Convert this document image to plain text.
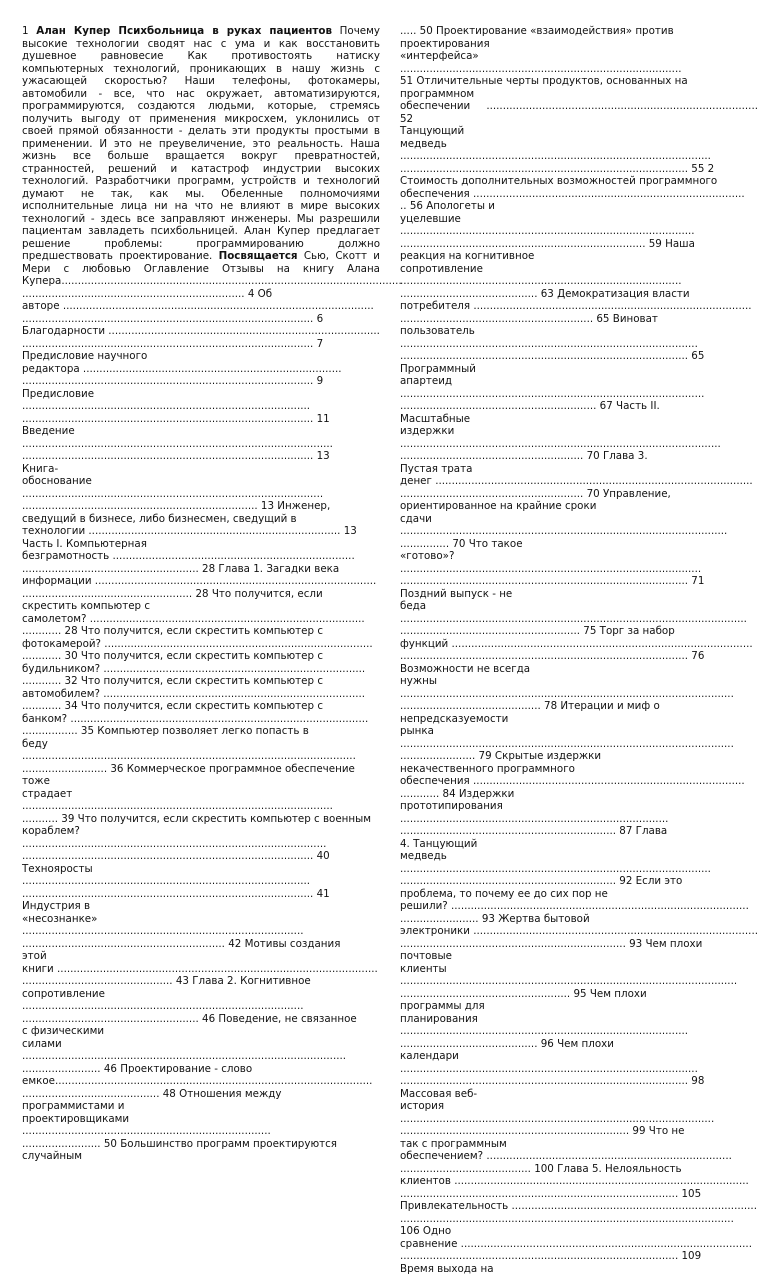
1 Алан Купер Психбольница в руках пациентов Почему высокие технологии сводят нас с ума и как восстановить душевное равновесие Как противостоять натиску компьютерных технологий, проникающих в нашу жизнь с ужасающей скоростью? Наши телефоны, фотокамеры, автомобили - все, что нас окружает, автоматизируются, программируются, создаются людьми, которые, стремясь получить выгоду от применения микросхем, уклонились от своей прямой обязанности - делать эти продукты простыми в применении. И это не преувеличение, это реальность. Наша жизнь все больше вращается вокруг превратностей, странностей, решений и катастроф индустрии высоких технологий. Разработчики программ, устройств и технологий думают не так, как мы. Обеленные полномочиями исполнительные лица ни на что не влияют в мире высоких технологий - здесь все заправляют инженеры. Мы разрешили пациентам завладеть психбольницей. Алан Купер предлагает решение проблемы: программированию должно предшествовать проектирование. Посвящается Сью, Скотт и Мери с любовью Оглавление Отзывы на книгу Алана Купера........................................................................................................
.................................................................... 4 Об
авторе ...............................................................................................
......................................................................................... 6
Благодарности ...................................................................................
......................................................................................... 7
Предисловие научного
редактора ...............................................................................
......................................................................................... 9
Предисловие ........................................................................................
......................................................................................... 11
Введение ...............................................................................................
......................................................................................... 13
Книга-
обоснование ............................................................................................
........................................................................ 13 Инженер,
сведущий в бизнесе, либо бизнесмен, сведущий в
технологии ............................................................................. 13
Часть I. Компьютерная
безграмотность ..........................................................................
...................................................... 28 Глава 1. Загадки века
информации ......................................................................................
.................................................... 28 Что получится, если
скрестить компьютер с
самолетом? ....................................................................................
............ 28 Что получится, если скрестить компьютер с
фотокамерой? ..................................................................................
............ 30 Что получится, если скрестить компьютер с
будильником? ................................................................................
............ 32 Что получится, если скрестить компьютер с
автомобилем? ................................................................................
............ 34 Что получится, если скрестить компьютер с
банком? ...........................................................................................
................. 35 Компьютер позволяет легко попасть в
беду ......................................................................................................
.......................... 36 Коммерческое программное обеспечение
тоже
страдает ...............................................................................................
........... 39 Что получится, если скрестить компьютер с военным
кораблем? .............................................................................................
......................................................................................... 40
Технояросты ........................................................................................
......................................................................................... 41
Индустрия в
«несознанке» ......................................................................................
.............................................................. 42 Мотивы создания
этой
книги ..................................................................................................
.............................................. 43 Глава 2. Когнитивное
сопротивление ......................................................................................
...................................................... 46 Поведение, не связанное
с физическими
силами ...................................................................................................
........................ 46 Проектирование - слово
емкое.................................................................................................
.......................................... 48 Отношения между
программистами и
проектировщиками ............................................................................
........................ 50 Большинство программ проектируются
случайным

..... 50 Проектирование «взаимодействия» против
проектирования
«интерфейса» ......................................................................................
51 Отличительные черты продуктов, основанных на
программном
обеспечении ................................................................................... 52
Танцующий
медведь ...............................................................................................
........................................................................................ 55 2
Стоимость дополнительных возможностей программного
обеспечения ...................................................................................
.. 56 Апологеты и
уцелевшие ..........................................................................................
........................................................................... 59 Наша
реакция на когнитивное
сопротивление ......................................................................................
.......................................... 63 Демократизация власти
потребителя .....................................................................................
........................................................... 65 Виноват
пользователь ...........................................................................................
........................................................................................ 65
Программный
апартеид .............................................................................................
............................................................ 67 Часть II.
Масштабные
издержки ..................................................................................................
........................................................ 70 Глава 3.
Пустая трата
денег .................................................................................................
........................................................ 70 Управление,
ориентированное на крайние сроки
сдачи ....................................................................................................
............... 70 Что такое
«готово»? ............................................................................................
........................................................................................ 71
Поздний выпуск - не
беда ..........................................................................................................
....................................................... 75 Торг за набор
функций ............................................................................................
........................................................................................ 76
Возможности не всегда
нужны ......................................................................................................
........................................... 78 Итерации и миф о
непредсказуемости
рынка ......................................................................................................
....................... 79 Скрытые издержки
некачественного программного
обеспечения ...................................................................................
............ 84 Издержки
прототипирования ..................................................................................
.................................................................. 87 Глава
4. Танцующий
медведь ...............................................................................................
.................................................................. 92 Если это
проблема, то почему ее до сих пор не
решили? ...........................................................................................
........................ 93 Жертва бытовой
электроники .......................................................................................
..................................................................... 93 Чем плохи
почтовые
клиенты .......................................................................................................
.................................................... 95 Чем плохи
программы для
планирования ........................................................................................
.......................................... 96 Чем плохи
календари ...........................................................................................
........................................................................................ 98
Массовая веб-
история ................................................................................................
...................................................................... 99 Что не
так с программным
обеспечением? ...........................................................................
........................................ 100 Глава 5. Нелояльность
клиентов ..........................................................................................
..................................................................................... 105
Привлекательность ...........................................................................
......................................................................................................
106 Одно
сравнение .........................................................................................
..................................................................................... 109
Время выхода на
